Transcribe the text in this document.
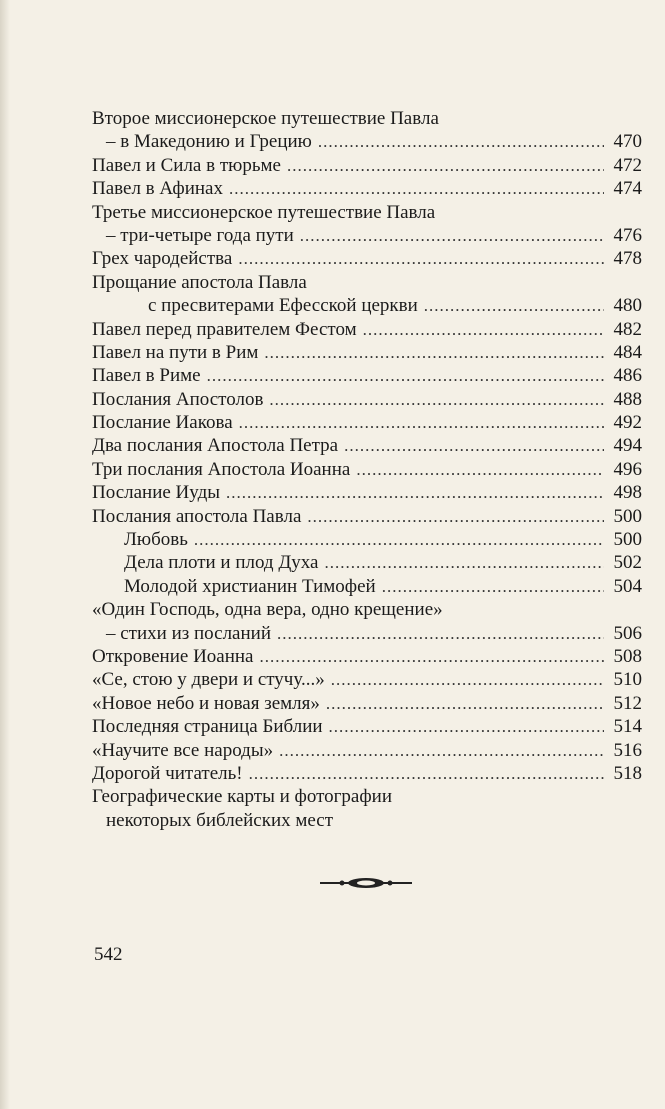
Второе миссионерское путешествие Павла
– в Македонию и Грецию .....	470
Павел и Сила в тюрьме .....	472
Павел в Афинах .....	474
Третье миссионерское путешествие Павла
– три-четыре года пути .....	476
Грех чародейства .....	478
Прощание апостола Павла
с пресвитерами Ефесской церкви .....	480
Павел перед правителем Фестом .....	482
Павел на пути в Рим .....	484
Павел в Риме .....	486
Послания Апостолов .....	488
Послание Иакова .....	492
Два послания Апостола Петра .....	494
Три послания Апостола Иоанна .....	496
Послание Иуды .....	498
Послания апостола Павла .....	500
Любовь .....	500
Дела плоти и плод Духа .....	502
Молодой христианин Тимофей .....	504
«Один Господь, одна вера, одно крещение»
– стихи из посланий .....	506
Откровение Иоанна .....	508
«Се, стою у двери и стучу...» .....	510
«Новое небо и новая земля» .....	512
Последняя страница Библии .....	514
«Научите все народы» .....	516
Дорогой читатель! .....	518
Географические карты и фотографии
некоторых библейских мест
542
